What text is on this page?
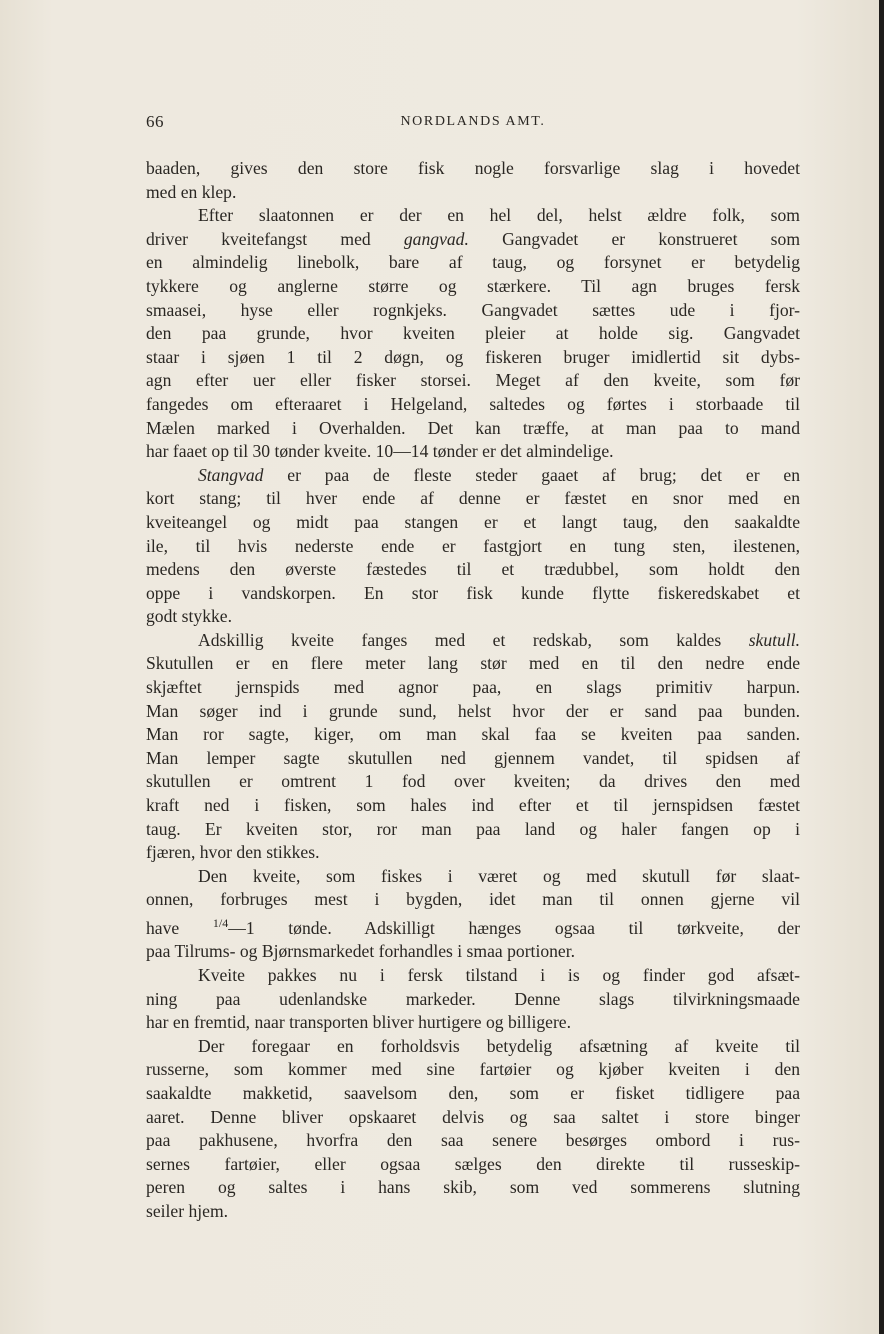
66	NORDLANDS AMT.
baaden, gives den store fisk nogle forsvarlige slag i hovedet
med en klep.
Efter slaatonnen er der en hel del, helst ældre folk, som
driver kveitefangst med gangvad. Gangvadet er konstrueret som
en almindelig linebolk, bare af taug, og forsynet er betydelig
tykkere og anglerne større og stærkere. Til agn bruges fersk
smaasei, hyse eller rognkjeks. Gangvadet sættes ude i fjor-
den paa grunde, hvor kveiten pleier at holde sig. Gangvadet
staar i sjøen 1 til 2 døgn, og fiskeren bruger imidlertid sit dybs-
agn efter uer eller fisker storsei. Meget af den kveite, som før
fangedes om efteraaret i Helgeland, saltedes og førtes i storbaade til
Mælen marked i Overhalden. Det kan træffe, at man paa to mand
har faaet op til 30 tønder kveite. 10—14 tønder er det almindelige.
Stangvad er paa de fleste steder gaaet af brug; det er en
kort stang; til hver ende af denne er fæstet en snor med en
kveiteangel og midt paa stangen er et langt taug, den saakaldte
ile, til hvis nederste ende er fastgjort en tung sten, ilestenen,
medens den øverste fæstedes til et trædubbel, som holdt den
oppe i vandskorpen. En stor fisk kunde flytte fiskeredskabet et
godt stykke.
Adskillig kveite fanges med et redskab, som kaldes skutull.
Skutullen er en flere meter lang stør med en til den nedre ende
skjæftet jernspids med agnor paa, en slags primitiv harpun.
Man søger ind i grunde sund, helst hvor der er sand paa bunden.
Man ror sagte, kiger, om man skal faa se kveiten paa sanden.
Man lemper sagte skutullen ned gjennem vandet, til spidsen af
skutullen er omtrent 1 fod over kveiten; da drives den med
kraft ned i fisken, som hales ind efter et til jernspidsen fæstet
taug. Er kveiten stor, ror man paa land og haler fangen op i
fjæren, hvor den stikkes.
Den kveite, som fiskes i været og med skutull før slaat-
onnen, forbruges mest i bygden, idet man til onnen gjerne vil
have $^{1/4}$—1 tønde. Adskilligt hænges ogsaa til tørkveite, der
paa Tilrums- og Bjørnsmarkedet forhandles i smaa portioner.
Kveite pakkes nu i fersk tilstand i is og finder god afsæt-
ning paa udenlandske markeder. Denne slags tilvirkningsmaade
har en fremtid, naar transporten bliver hurtigere og billigere.
Der foregaar en forholdsvis betydelig afsætning af kveite til
russerne, som kommer med sine fartøier og kjøber kveiten i den
saakaldte makketid, saavelsom den, som er fisket tidligere paa
aaret. Denne bliver opskaaret delvis og saa saltet i store binger
paa pakhusene, hvorfra den saa senere besørges ombord i rus-
sernes fartøier, eller ogsaa sælges den direkte til russeskip-
peren og saltes i hans skib, som ved sommerens slutning
seiler hjem.
